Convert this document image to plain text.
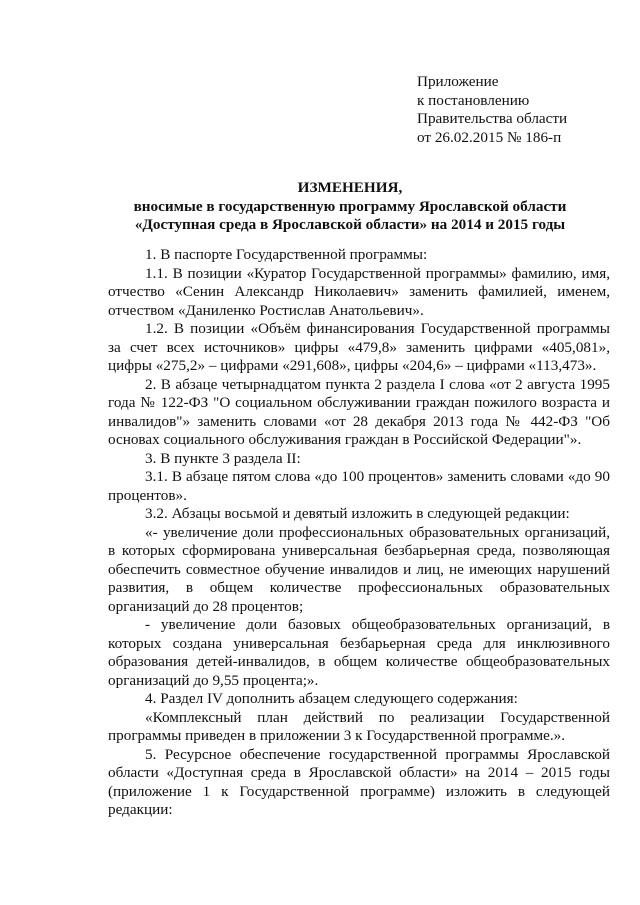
Приложение
к постановлению
Правительства области
от 26.02.2015 № 186-п
ИЗМЕНЕНИЯ,
вносимые в государственную программу Ярославской области
«Доступная среда в Ярославской области» на 2014 и 2015 годы

1. В паспорте Государственной программы:

1.1. В позиции «Куратор Государственной программы» фамилию, имя, отчество «Сенин Александр Николаевич» заменить фамилией, именем, отчеством «Даниленко Ростислав Анатольевич».

1.2. В позиции «Объём финансирования Государственной программы за счет всех источников» цифры «479,8» заменить цифрами «405,081», цифры «275,2» – цифрами «291,608», цифры «204,6» – цифрами «113,473».

2. В абзаце четырнадцатом пункта 2 раздела I слова «от 2 августа 1995 года № 122-ФЗ "О социальном обслуживании граждан пожилого возраста и инвалидов"» заменить словами «от 28 декабря 2013 года № 442-ФЗ "Об основах социального обслуживания граждан в Российской Федерации"».

3. В пункте 3 раздела II:

3.1. В абзаце пятом слова «до 100 процентов» заменить словами «до 90 процентов».

3.2. Абзацы восьмой и девятый изложить в следующей редакции:

«- увеличение доли профессиональных образовательных организаций, в которых сформирована универсальная безбарьерная среда, позволяющая обеспечить совместное обучение инвалидов и лиц, не имеющих нарушений развития, в общем количестве профессиональных образовательных организаций до 28 процентов;

- увеличение доли базовых общеобразовательных организаций, в которых создана универсальная безбарьерная среда для инклюзивного образования детей-инвалидов, в общем количестве общеобразовательных организаций до 9,55 процента;».

4. Раздел IV дополнить абзацем следующего содержания:

«Комплексный план действий по реализации Государственной программы приведен в приложении 3 к Государственной программе.».

5. Ресурсное обеспечение государственной программы Ярославской области «Доступная среда в Ярославской области» на 2014 – 2015 годы (приложение 1 к Государственной программе) изложить в следующей редакции:
